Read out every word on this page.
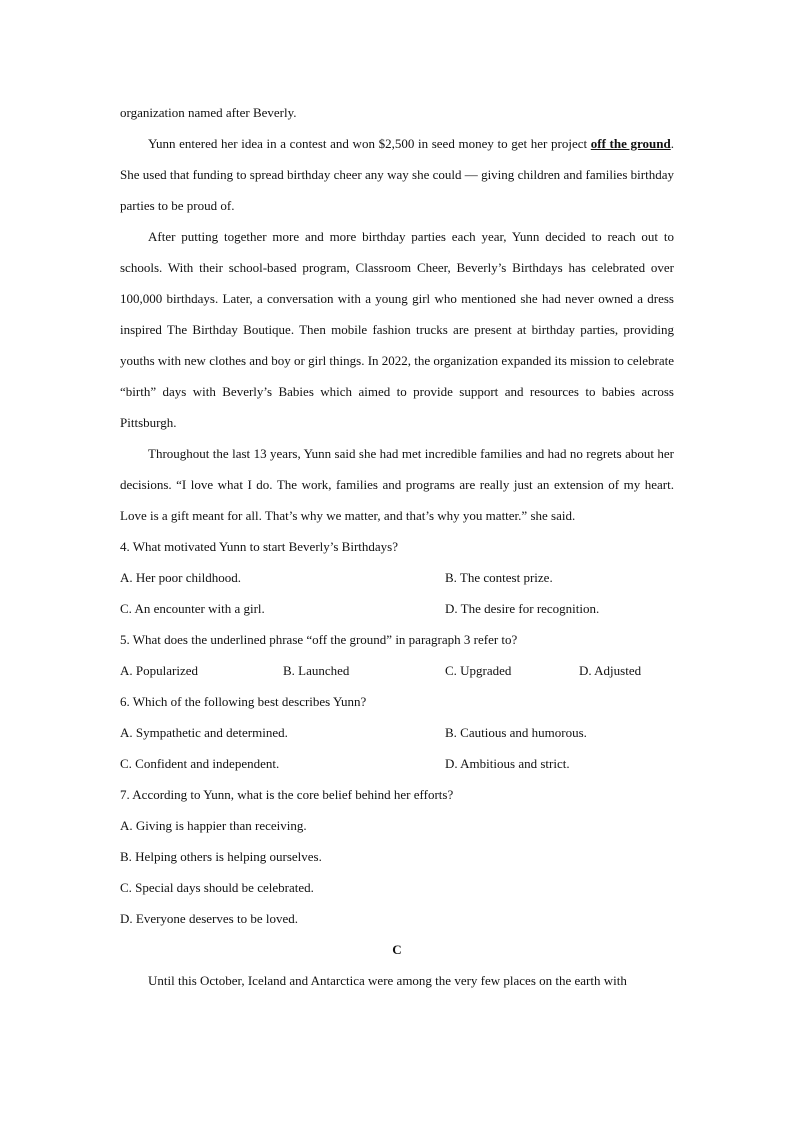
organization named after Beverly.
Yunn entered her idea in a contest and won $2,500 in seed money to get her project off the ground. She used that funding to spread birthday cheer any way she could — giving children and families birthday parties to be proud of.
After putting together more and more birthday parties each year, Yunn decided to reach out to schools. With their school-based program, Classroom Cheer, Beverly’s Birthdays has celebrated over 100,000 birthdays. Later, a conversation with a young girl who mentioned she had never owned a dress inspired The Birthday Boutique. Then mobile fashion trucks are present at birthday parties, providing youths with new clothes and boy or girl things. In 2022, the organization expanded its mission to celebrate “birth” days with Beverly’s Babies which aimed to provide support and resources to babies across Pittsburgh.
Throughout the last 13 years, Yunn said she had met incredible families and had no regrets about her decisions. “I love what I do. The work, families and programs are really just an extension of my heart. Love is a gift meant for all. That’s why we matter, and that’s why you matter.” she said.
4. What motivated Yunn to start Beverly’s Birthdays?
A. Her poor childhood.	B. The contest prize.
C. An encounter with a girl.	D. The desire for recognition.
5. What does the underlined phrase “off the ground” in paragraph 3 refer to?
A. Popularized	B. Launched	C. Upgraded	D. Adjusted
6. Which of the following best describes Yunn?
A. Sympathetic and determined.	B. Cautious and humorous.
C. Confident and independent.	D. Ambitious and strict.
7. According to Yunn, what is the core belief behind her efforts?
A. Giving is happier than receiving.
B. Helping others is helping ourselves.
C. Special days should be celebrated.
D. Everyone deserves to be loved.
C
Until this October, Iceland and Antarctica were among the very few places on the earth with
